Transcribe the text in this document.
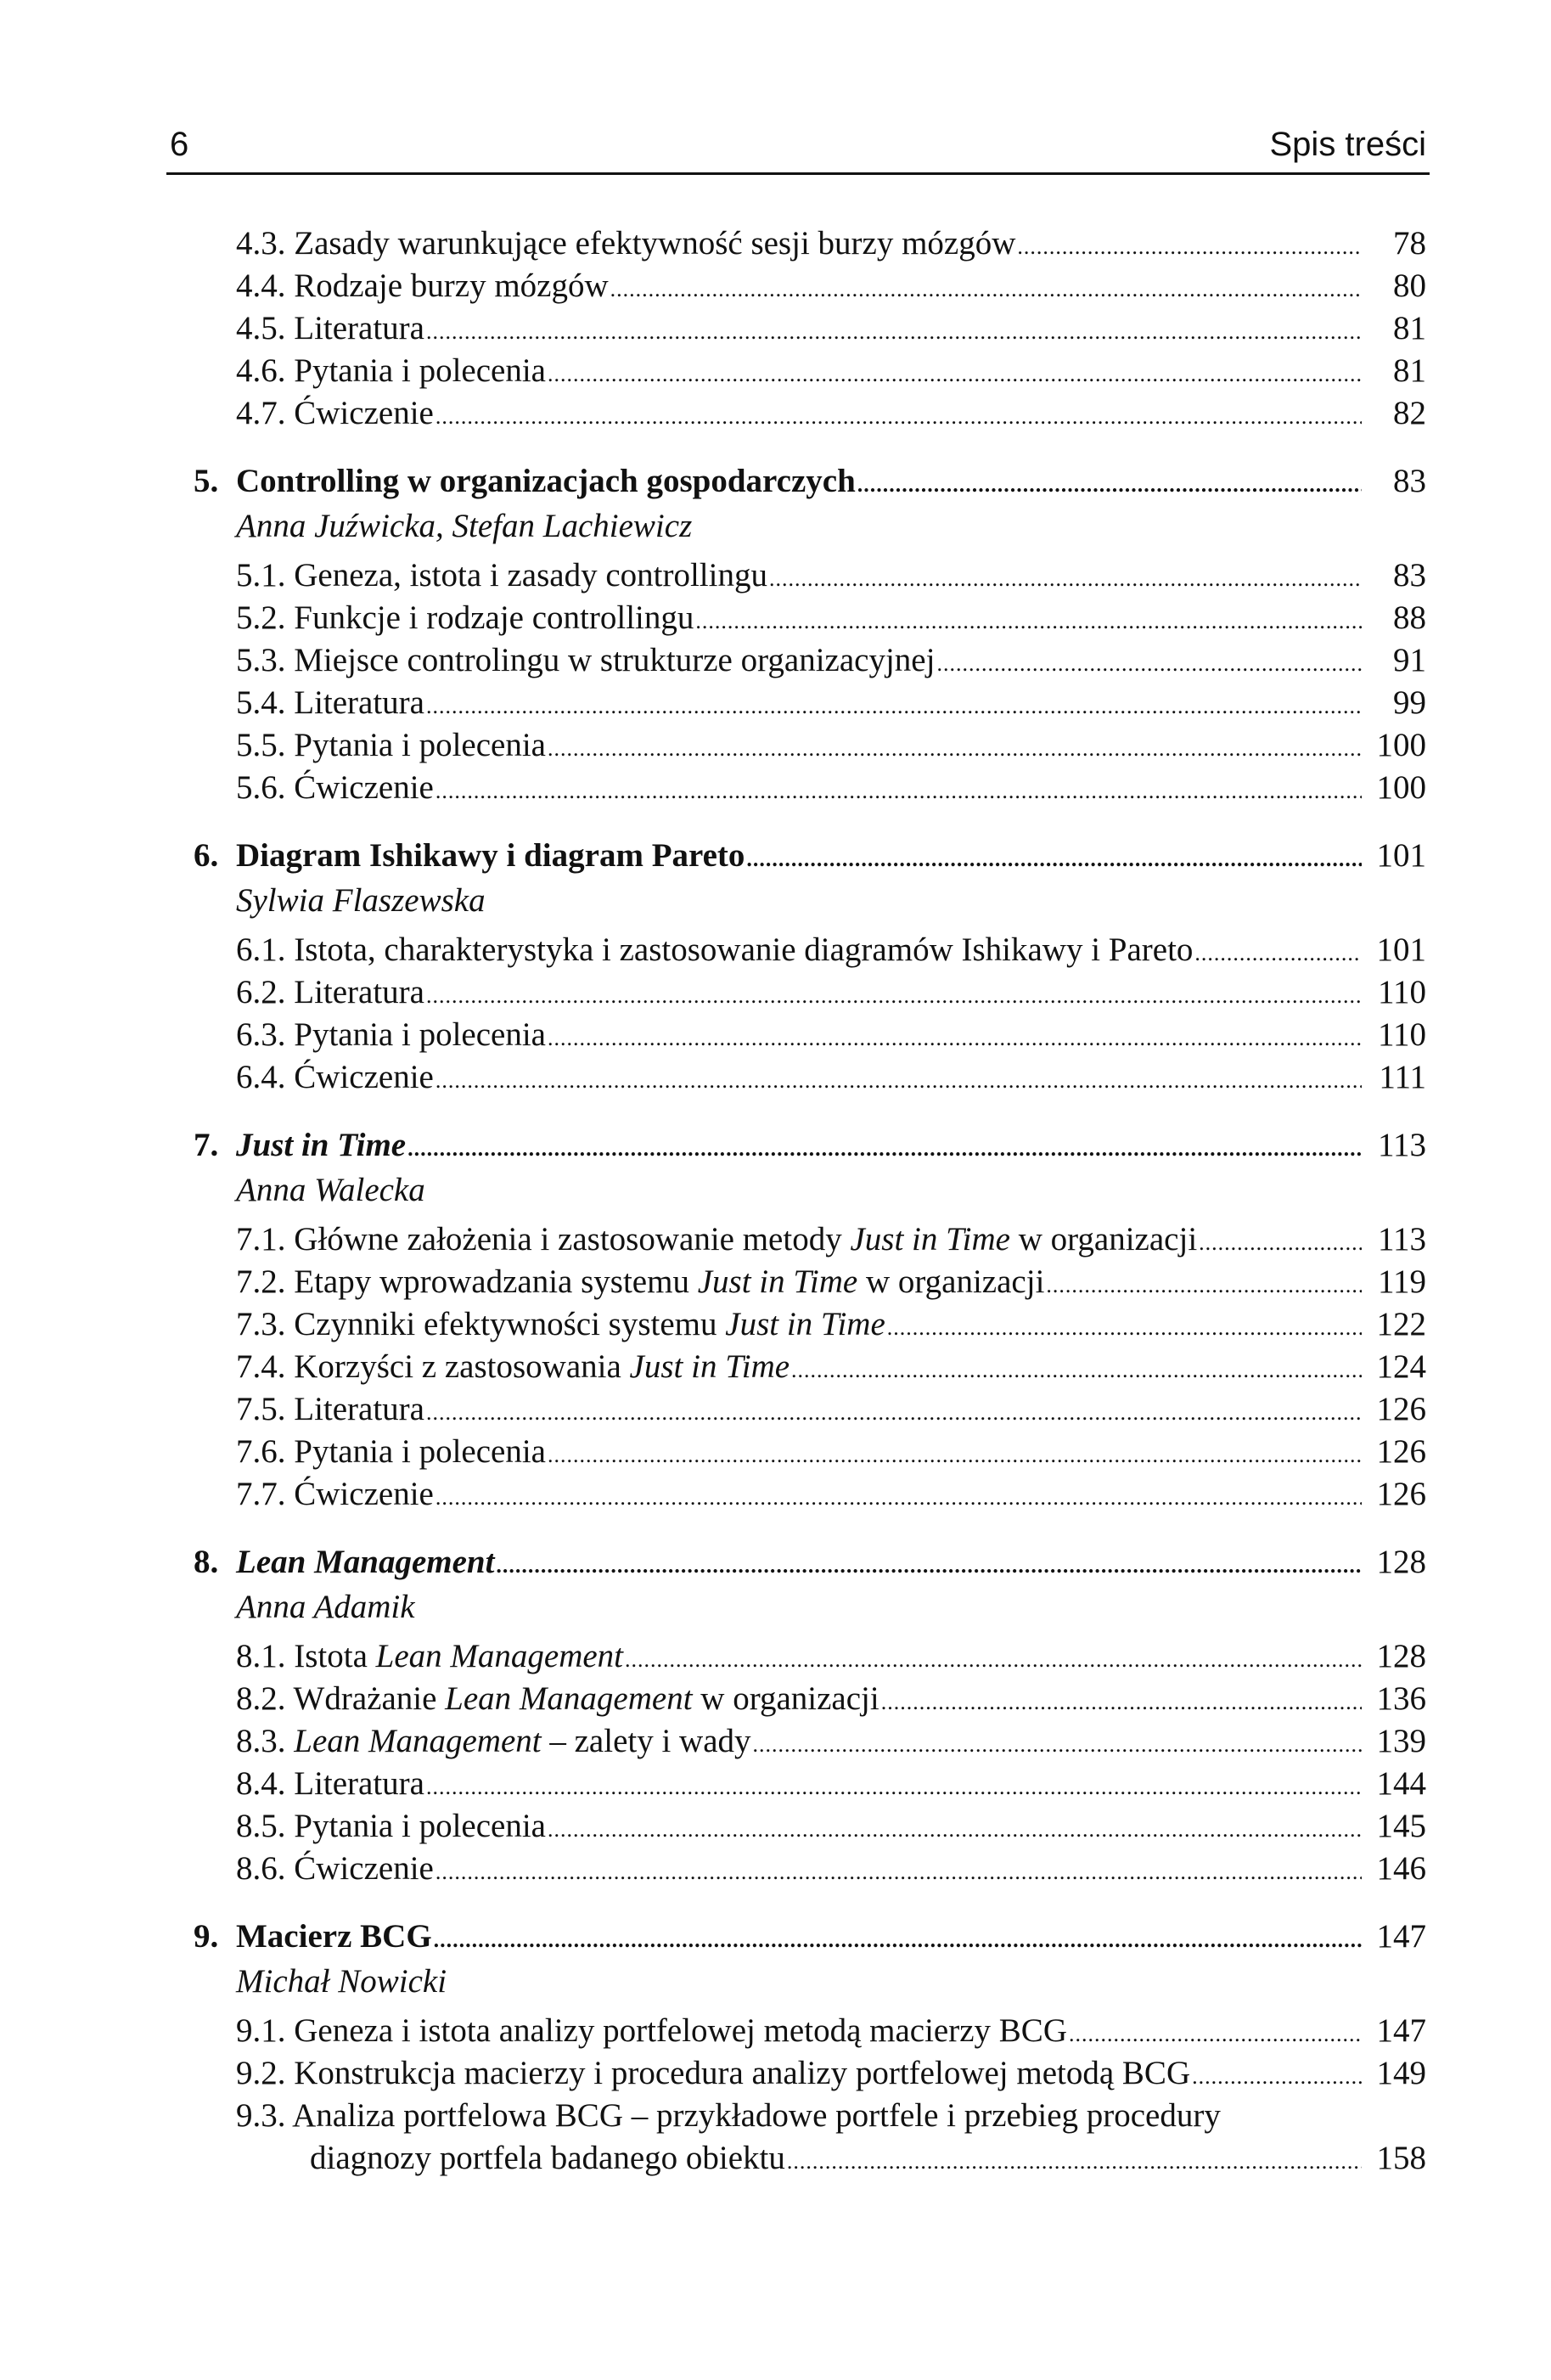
6	Spis treści
4.3. Zasady warunkujące efektywność sesji burzy mózgów .....	78
4.4. Rodzaje burzy mózgów .....	80
4.5. Literatura .....	81
4.6. Pytania i polecenia .....	81
4.7. Ćwiczenie .....	82
5. Controlling w organizacjach gospodarczych .....	83
Anna Juźwicka, Stefan Lachiewicz
5.1. Geneza, istota i zasady controllingu .....	83
5.2. Funkcje i rodzaje controllingu .....	88
5.3. Miejsce controlingu w strukturze organizacyjnej .....	91
5.4. Literatura .....	99
5.5. Pytania i polecenia .....	100
5.6. Ćwiczenie .....	100
6. Diagram Ishikawy i diagram Pareto .....	101
Sylwia Flaszewska
6.1. Istota, charakterystyka i zastosowanie diagramów Ishikawy i Pareto .....	101
6.2. Literatura .....	110
6.3. Pytania i polecenia .....	110
6.4. Ćwiczenie .....	111
7. Just in Time .....	113
Anna Walecka
7.1. Główne założenia i zastosowanie metody Just in Time w organizacji .....	113
7.2. Etapy wprowadzania systemu Just in Time w organizacji .....	119
7.3. Czynniki efektywności systemu Just in Time .....	122
7.4. Korzyści z zastosowania Just in Time .....	124
7.5. Literatura .....	126
7.6. Pytania i polecenia .....	126
7.7. Ćwiczenie .....	126
8. Lean Management .....	128
Anna Adamik
8.1. Istota Lean Management .....	128
8.2. Wdrażanie Lean Management w organizacji .....	136
8.3. Lean Management – zalety i wady .....	139
8.4. Literatura .....	144
8.5. Pytania i polecenia .....	145
8.6. Ćwiczenie .....	146
9. Macierz BCG .....	147
Michał Nowicki
9.1. Geneza i istota analizy portfelowej metodą macierzy BCG .....	147
9.2. Konstrukcja macierzy i procedura analizy portfelowej metodą BCG .....	149
9.3. Analiza portfelowa BCG – przykładowe portfele i przebieg procedury
diagnozy portfela badanego obiektu .....	158
